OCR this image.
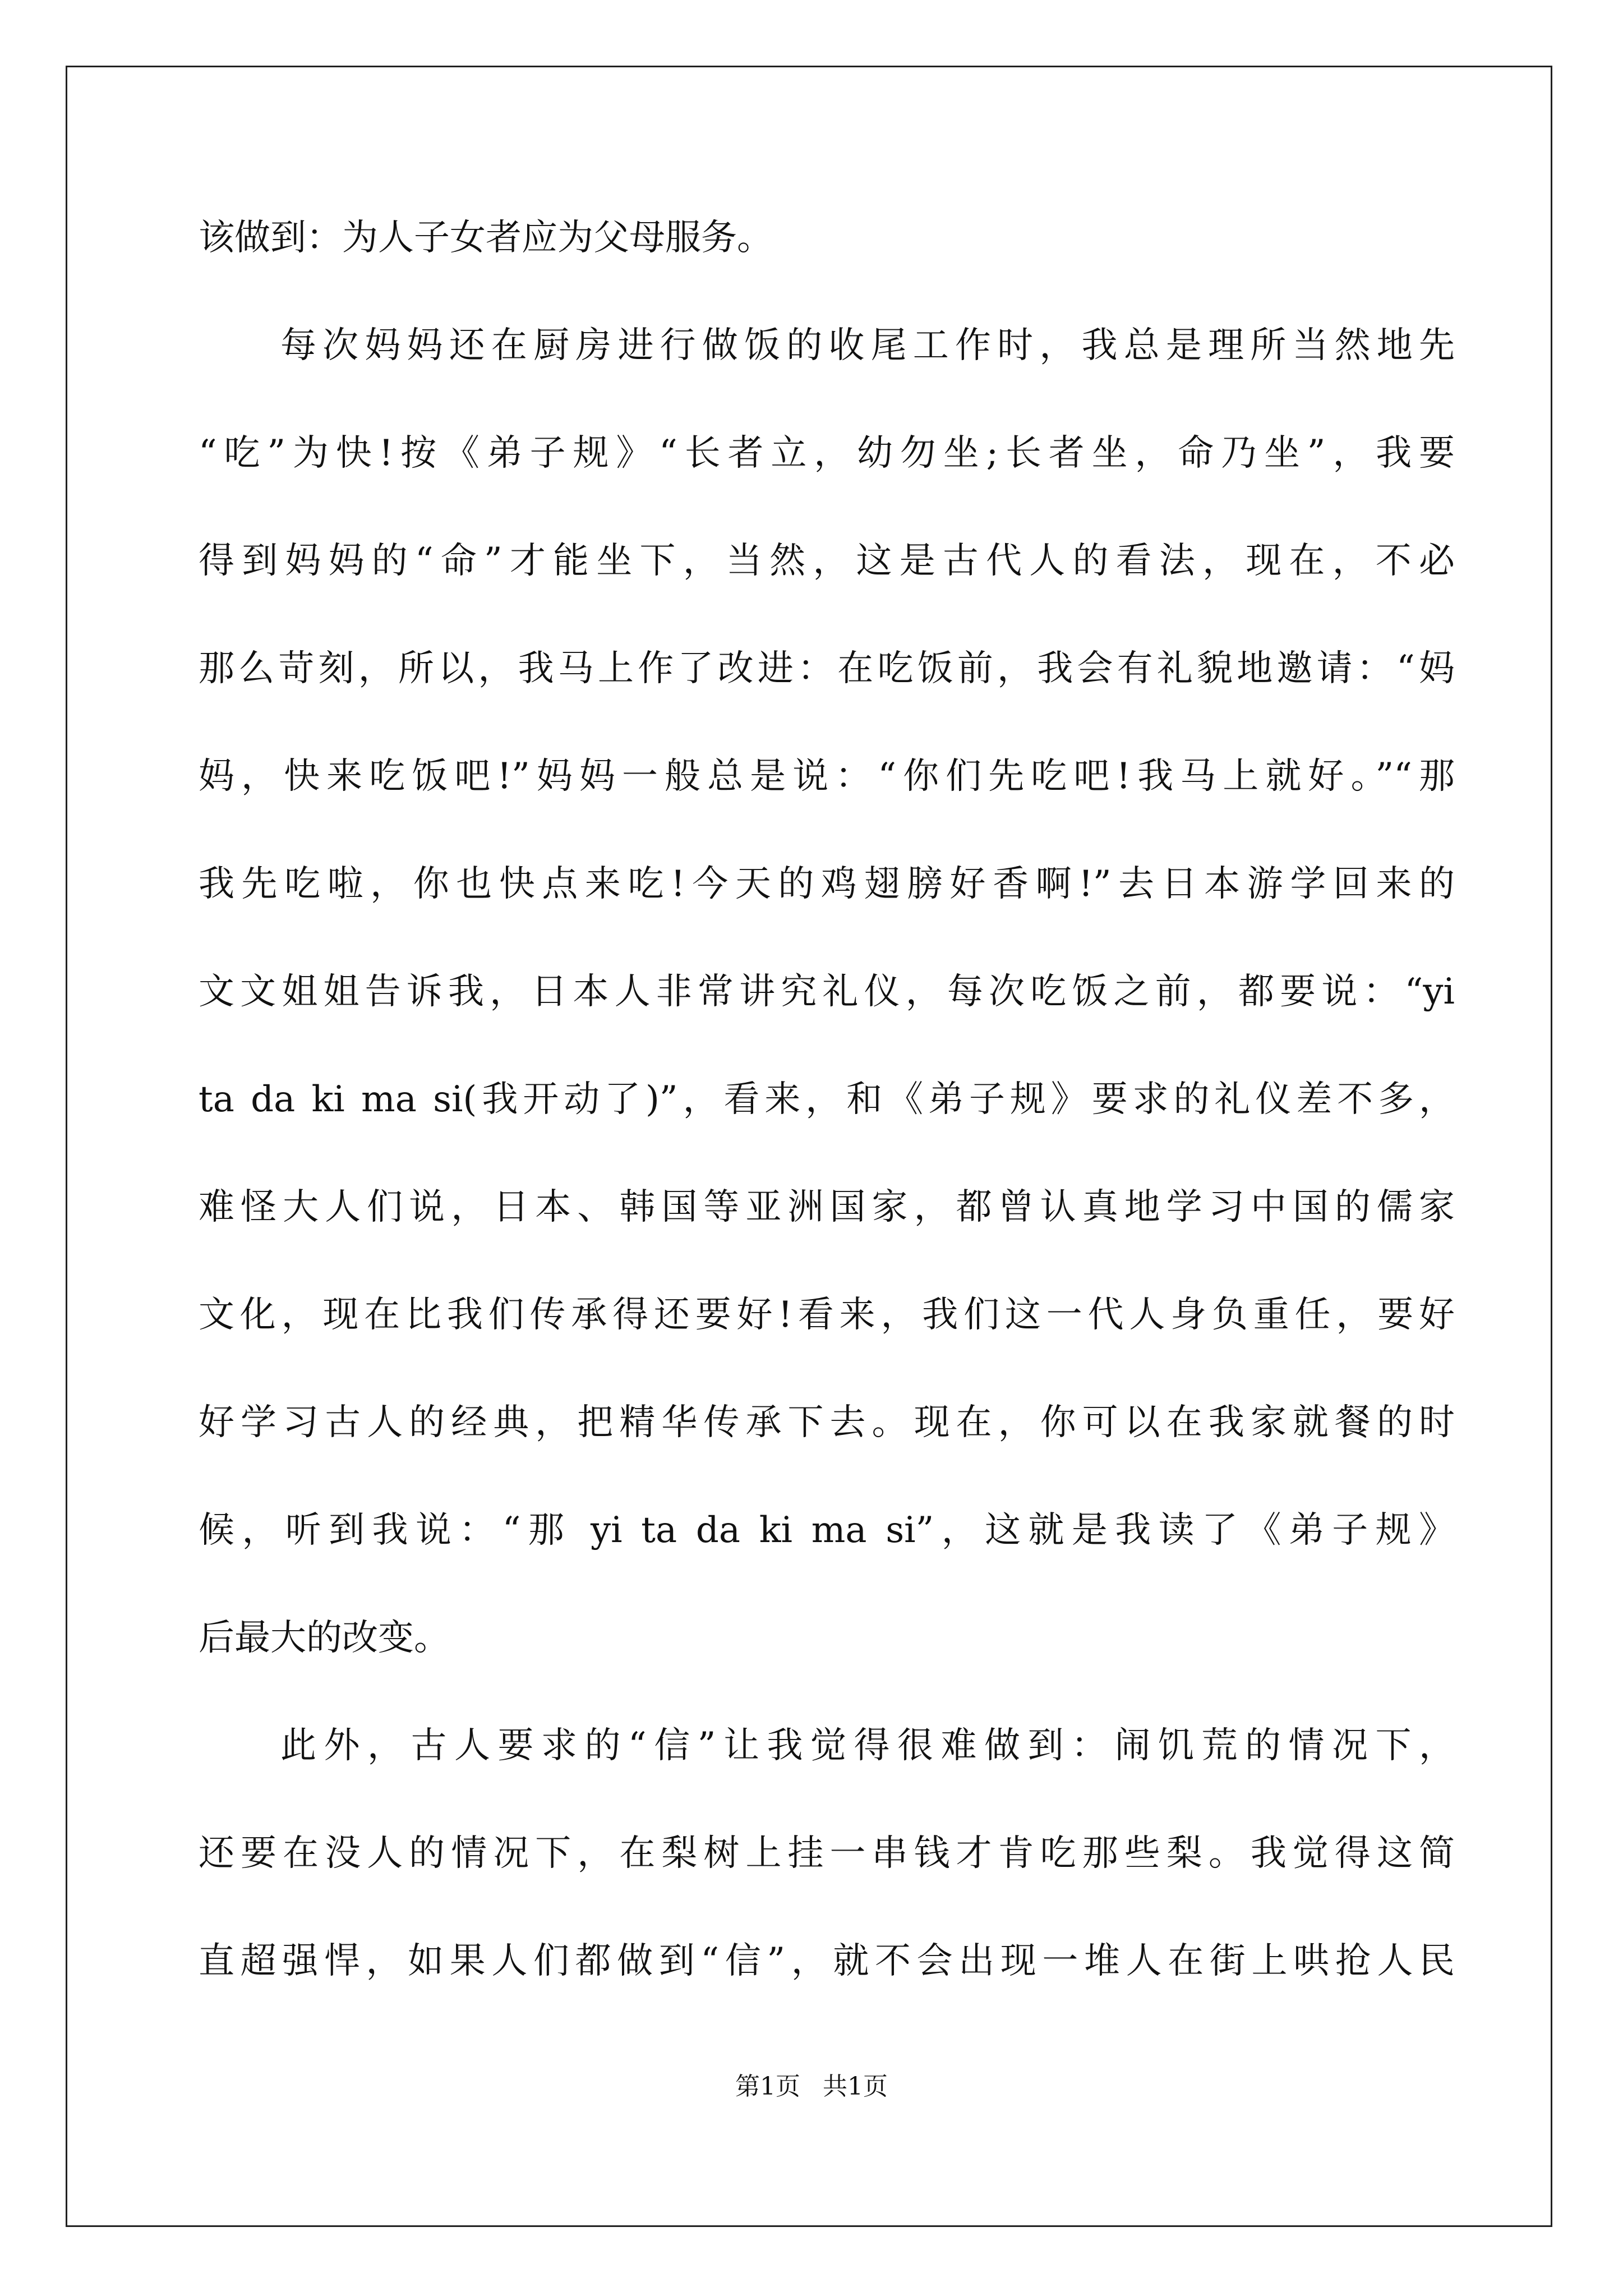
该做到：为人子女者应为父母服务。
每次妈妈还在厨房进行做饭的收尾工作时，我总是理所当然地先
“吃”为快!按《弟子规》“长者立，幼勿坐;长者坐，命乃坐”，我要
得到妈妈的“命”才能坐下，当然，这是古代人的看法，现在，不必
那么苛刻，所以，我马上作了改进：在吃饭前，我会有礼貌地邀请：“妈
妈，快来吃饭吧!”妈妈一般总是说：“你们先吃吧!我马上就好。”“那
我先吃啦，你也快点来吃!今天的鸡翅膀好香啊!”去日本游学回来的
文文姐姐告诉我，日本人非常讲究礼仪，每次吃饭之前，都要说：“yi
ta da ki ma si(我开动了)”，看来，和《弟子规》要求的礼仪差不多，
难怪大人们说，日本、韩国等亚洲国家，都曾认真地学习中国的儒家
文化，现在比我们传承得还要好!看来，我们这一代人身负重任，要好
好学习古人的经典，把精华传承下去。现在，你可以在我家就餐的时
候，听到我说：“那 yi ta da ki ma si”，这就是我读了《弟子规》
后最大的改变。
此外，古人要求的“信”让我觉得很难做到：闹饥荒的情况下，
还要在没人的情况下，在梨树上挂一串钱才肯吃那些梨。我觉得这简
直超强悍，如果人们都做到“信”，就不会出现一堆人在街上哄抢人民
第1页 共1页
